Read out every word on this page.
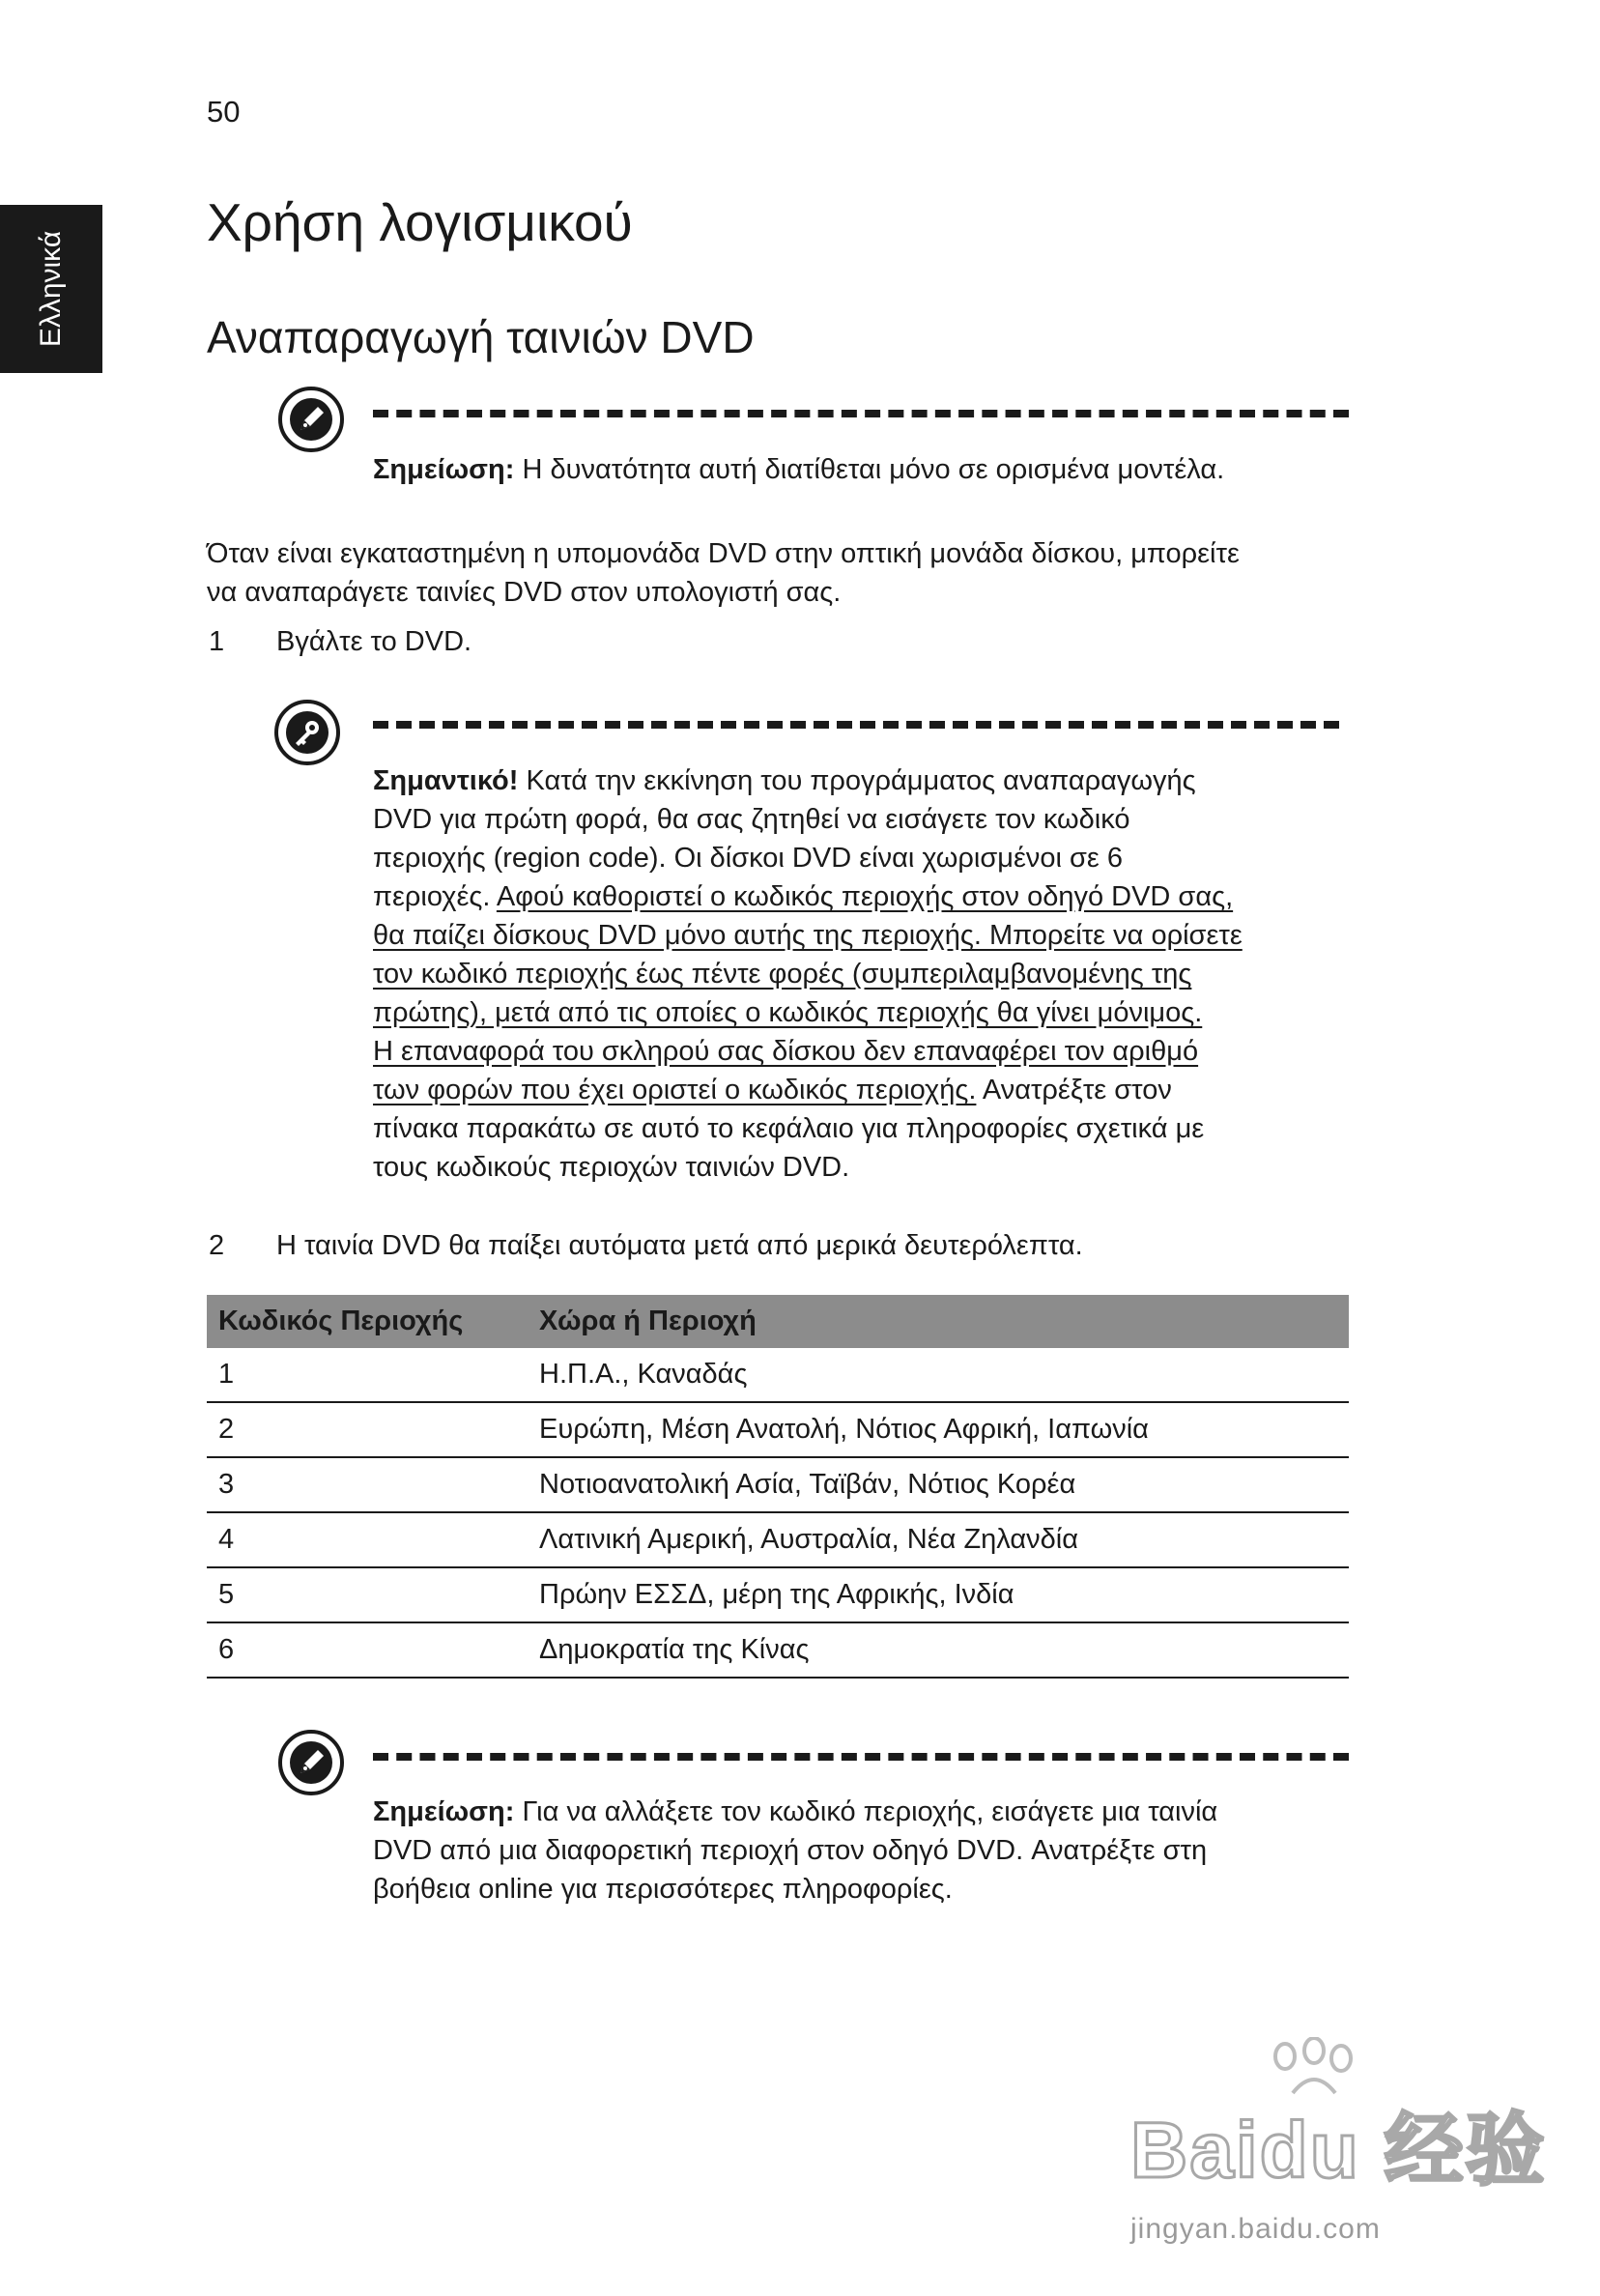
50
Ελληνικά
Χρήση λογισμικού
Αναπαραγωγή ταινιών DVD
Σημείωση: Η δυνατότητα αυτή διατίθεται μόνο σε ορισμένα μοντέλα.
Όταν είναι εγκαταστημένη η υπομονάδα DVD στην οπτική μονάδα δίσκου, μπορείτε
να αναπαράγετε ταινίες DVD στον υπολογιστή σας.
1 Βγάλτε το DVD.
Σημαντικό! Κατά την εκκίνηση του προγράμματος αναπαραγωγής
DVD για πρώτη φορά, θα σας ζητηθεί να εισάγετε τον κωδικό
περιοχής (region code). Οι δίσκοι DVD είναι χωρισμένοι σε 6
περιοχές. Αφού καθοριστεί ο κωδικός περιοχής στον οδηγό DVD σας,
θα παίζει δίσκους DVD μόνο αυτής της περιοχής. Μπορείτε να ορίσετε
τον κωδικό περιοχής έως πέντε φορές (συμπεριλαμβανομένης της
πρώτης), μετά από τις οποίες ο κωδικός περιοχής θα γίνει μόνιμος.
Η επαναφορά του σκληρού σας δίσκου δεν επαναφέρει τον αριθμό
των φορών που έχει οριστεί ο κωδικός περιοχής. Ανατρέξτε στον
πίνακα παρακάτω σε αυτό το κεφάλαιο για πληροφορίες σχετικά με
τους κωδικούς περιοχών ταινιών DVD.
2 Η ταινία DVD θα παίξει αυτόματα μετά από μερικά δευτερόλεπτα.
Κωδικός Περιοχής	Χώρα ή Περιοχή
1	Η.Π.Α., Καναδάς
2	Ευρώπη, Μέση Ανατολή, Νότιος Αφρική, Ιαπωνία
3	Νοτιοανατολική Ασία, Ταϊβάν, Νότιος Κορέα
4	Λατινική Αμερική, Αυστραλία, Νέα Ζηλανδία
5	Πρώην ΕΣΣΔ, μέρη της Αφρικής, Ινδία
6	Δημοκρατία της Κίνας
Σημείωση: Για να αλλάξετε τον κωδικό περιοχής, εισάγετε μια ταινία
DVD από μια διαφορετική περιοχή στον οδηγό DVD. Ανατρέξτε στη
βοήθεια online για περισσότερες πληροφορίες.
Baidu 经验
jingyan.baidu.com
